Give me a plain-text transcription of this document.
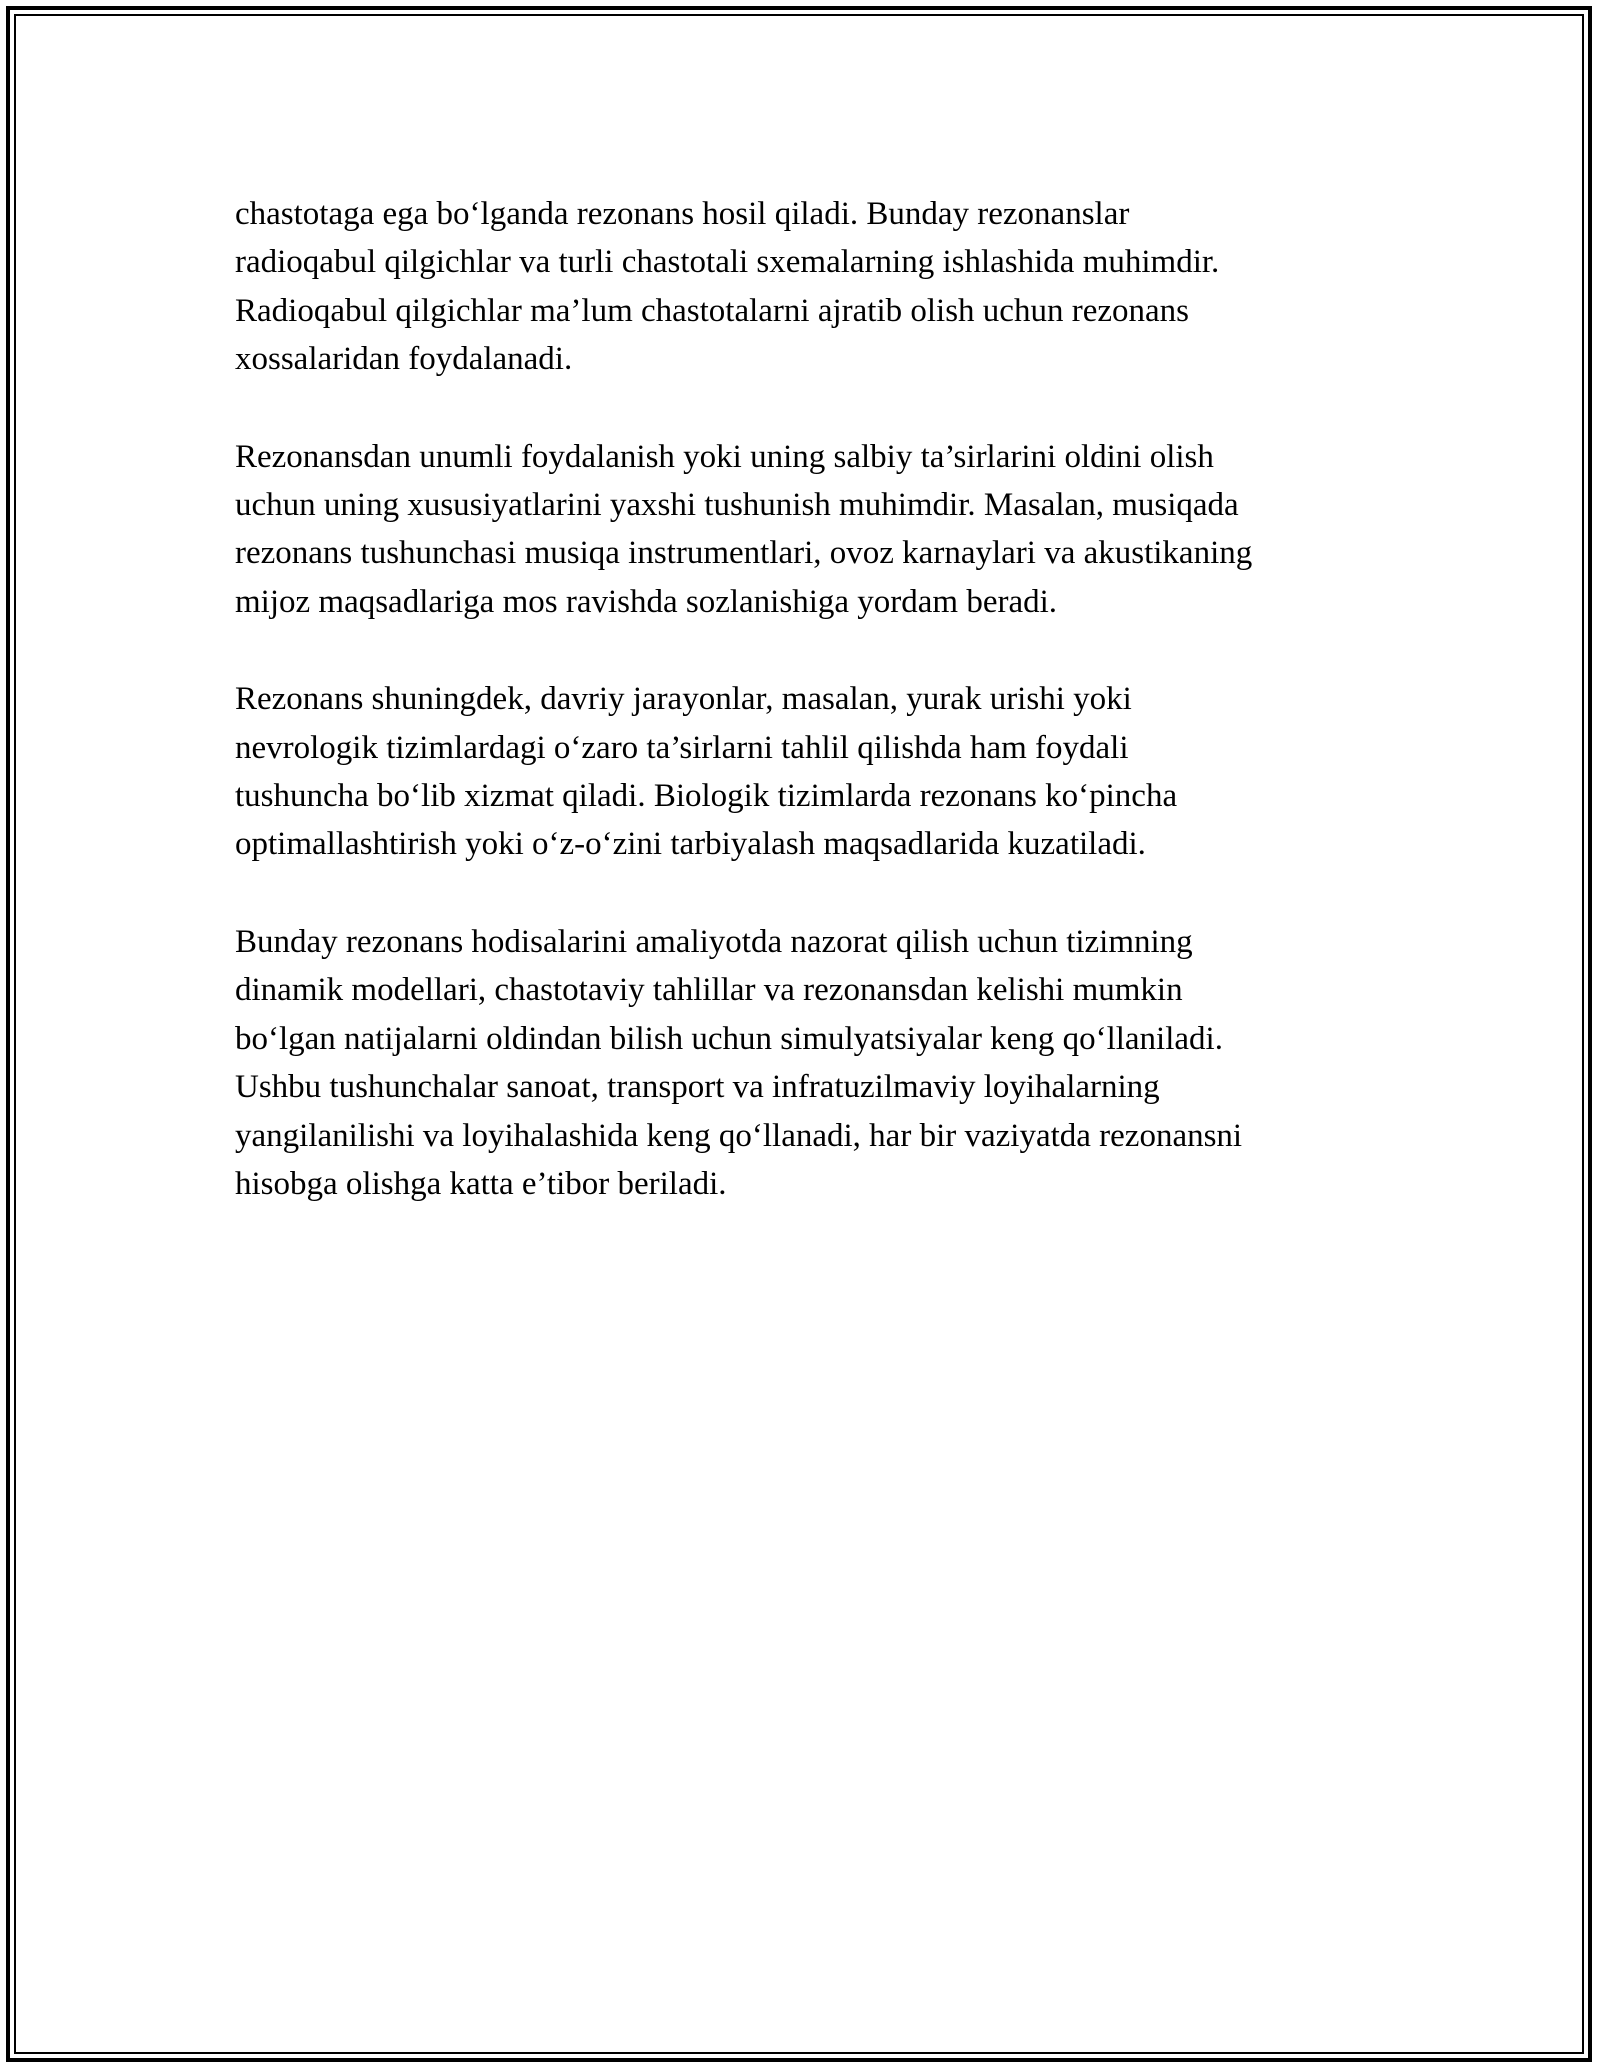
chastotaga ega bo‘lganda rezonans hosil qiladi. Bunday rezonanslar
radioqabul qilgichlar va turli chastotali sxemalarning ishlashida muhimdir.
Radioqabul qilgichlar ma’lum chastotalarni ajratib olish uchun rezonans
xossalaridan foydalanadi.

Rezonansdan unumli foydalanish yoki uning salbiy ta’sirlarini oldini olish
uchun uning xususiyatlarini yaxshi tushunish muhimdir. Masalan, musiqada
rezonans tushunchasi musiqa instrumentlari, ovoz karnaylari va akustikaning
mijoz maqsadlariga mos ravishda sozlanishiga yordam beradi.

Rezonans shuningdek, davriy jarayonlar, masalan, yurak urishi yoki
nevrologik tizimlardagi o‘zaro ta’sirlarni tahlil qilishda ham foydali
tushuncha bo‘lib xizmat qiladi. Biologik tizimlarda rezonans ko‘pincha
optimallashtirish yoki o‘z-o‘zini tarbiyalash maqsadlarida kuzatiladi.

Bunday rezonans hodisalarini amaliyotda nazorat qilish uchun tizimning
dinamik modellari, chastotaviy tahlillar va rezonansdan kelishi mumkin
bo‘lgan natijalarni oldindan bilish uchun simulyatsiyalar keng qo‘llaniladi.
Ushbu tushunchalar sanoat, transport va infratuzilmaviy loyihalarning
yangilanilishi va loyihalashida keng qo‘llanadi, har bir vaziyatda rezonansni
hisobga olishga katta e’tibor beriladi.
